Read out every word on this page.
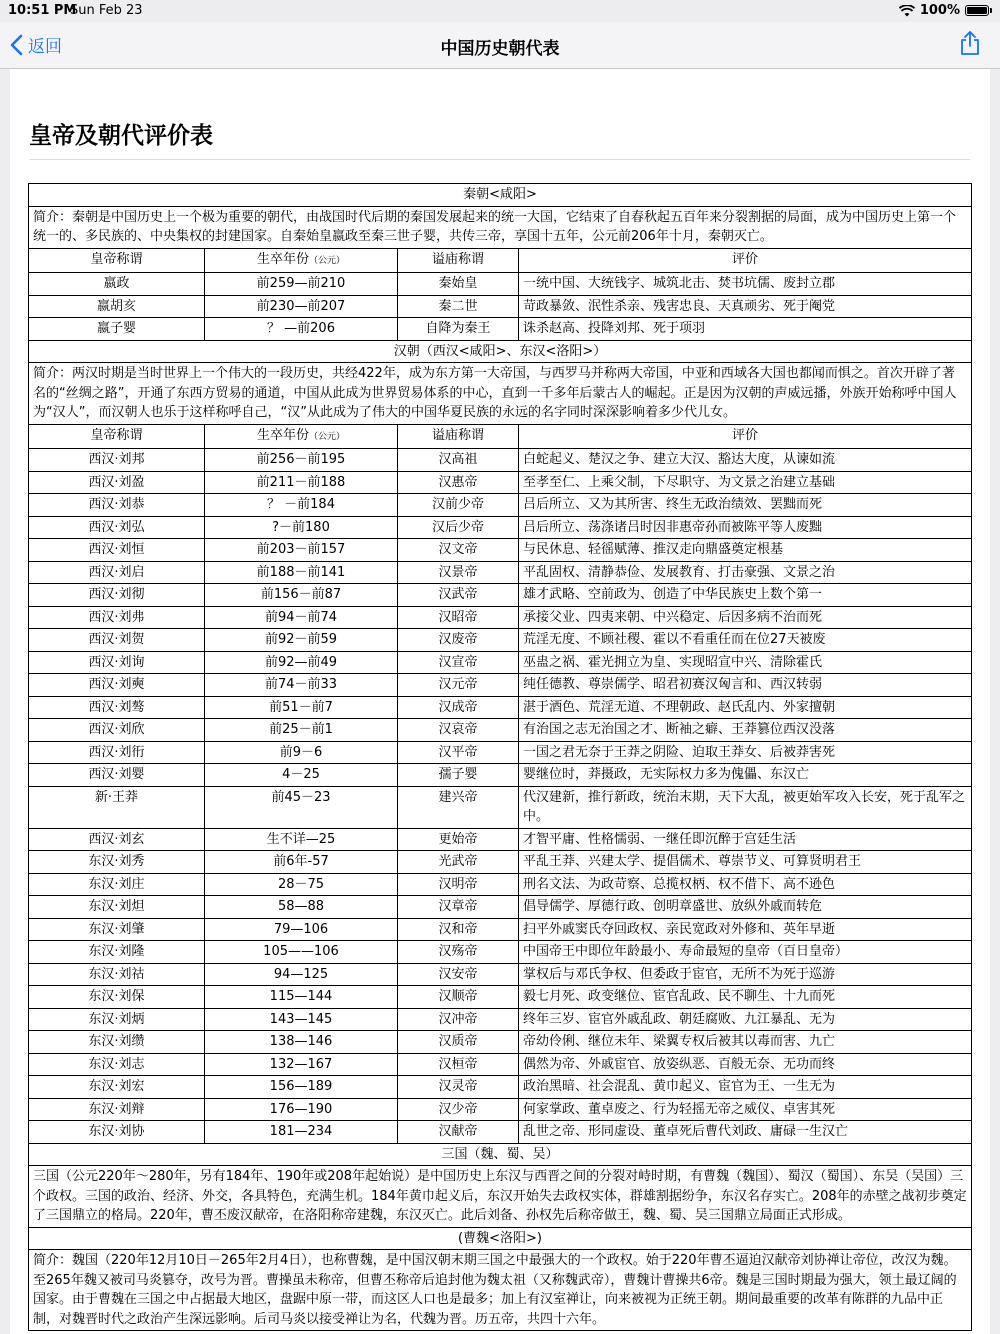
10:51 PM
Sun Feb 23	100%
返回	中国历史朝代表
皇帝及朝代评价表
秦朝<咸阳>			
简介：秦朝是中国历史上一个极为重要的朝代，由战国时代后期的秦国发展起来的统一大国，它结束了自春秋起五百年来分裂割据的局面，成为中国历史上第一个统一的、多民族的、中央集权的封建国家。自秦始皇嬴政至秦三世子婴，共传三帝，享国十五年，公元前206年十月，秦朝灭亡。			
皇帝称谓	生卒年份（公元）	谥庙称谓	评价
嬴政	前259—前210	秦始皇	一统中国、大统钱字、城筑北击、焚书坑儒、废封立郡
嬴胡亥	前230—前207	秦二世	苛政暴敛、泯性杀亲、残害忠良、天真顽劣、死于阉党
嬴子婴	？ —前206	自降为秦王	诛杀赵高、投降刘邦、死于项羽
汉朝（西汉<咸阳>、东汉<洛阳>）			
简介：两汉时期是当时世界上一个伟大的一段历史，共经422年，成为东方第一大帝国，与西罗马并称两大帝国，中亚和西域各大国也都闻而惧之。首次开辟了著名的“丝绸之路”，开通了东西方贸易的通道，中国从此成为世界贸易体系的中心，直到一千多年后蒙古人的崛起。正是因为汉朝的声威远播，外族开始称呼中国人为“汉人”，而汉朝人也乐于这样称呼自己，“汉”从此成为了伟大的中国华夏民族的永远的名字同时深深影响着多少代儿女。			
皇帝称谓	生卒年份（公元）	谥庙称谓	评价
西汉·刘邦	前256－前195	汉高祖	白蛇起义、楚汉之争、建立大汉、豁达大度，从谏如流
西汉·刘盈	前211－前188	汉惠帝	至孝至仁、上乘父制，下尽职守、为文景之治建立基础
西汉·刘恭	？ －前184	汉前少帝	吕后所立、又为其所害、终生无政治绩效、罢黜而死
西汉·刘弘	?－前180	汉后少帝	吕后所立、荡涤诸吕时因非惠帝孙而被陈平等人废黜
西汉·刘恒	前203－前157	汉文帝	与民休息、轻徭赋薄、推汉走向鼎盛奠定根基
西汉·刘启	前188－前141	汉景帝	平乱固权、清静恭俭、发展教育、打击豪强、文景之治
西汉·刘彻	前156－前87	汉武帝	雄才武略、空前政为、创造了中华民族史上数个第一
西汉·刘弗	前94－前74	汉昭帝	承接父业、四夷来朝、中兴稳定、后因多病不治而死
西汉·刘贺	前92－前59	汉废帝	荒淫无度、不顾社稷、霍以不看重任而在位27天被废
西汉·刘询	前92—前49	汉宣帝	巫蛊之祸、霍光拥立为皇、实现昭宣中兴、清除霍氏
西汉·刘奭	前74－前33	汉元帝	纯任德教、尊崇儒学、昭君初赛汉匈言和、西汉转弱
西汉·刘骜	前51－前7	汉成帝	湛于酒色、荒淫无道、不理朝政、赵氏乱内、外家擅朝
西汉·刘欣	前25－前1	汉哀帝	有治国之志无治国之才、断袖之癖、王莽篡位西汉没落
西汉·刘衎	前9－6	汉平帝	一国之君无奈于王莽之阴险、迫取王莽女、后被莽害死
西汉·刘婴	4－25	孺子婴	婴继位时，莽摄政，无实际权力多为傀儡、东汉亡
新·王莽	前45－23	建兴帝	代汉建新，推行新政，统治末期，天下大乱，被更始军攻入长安，死于乱军之中。
西汉·刘玄	生不详—25	更始帝	才智平庸、性格懦弱、一继任即沉醉于宫廷生活
东汉·刘秀	前6年-57	光武帝	平乱王莽、兴建太学、提倡儒术、尊崇节义、可算贤明君王
东汉·刘庄	28－75	汉明帝	刑名文法、为政苛察、总揽权柄、权不借下、高不逊色
东汉·刘炟	58—88	汉章帝	倡导儒学、厚德行政、创明章盛世、放纵外戚而转危
东汉·刘肇	79—106	汉和帝	扫平外戚窦氏夺回政权、亲民宽政对外修和、英年早逝
东汉·刘隆	105——106	汉殇帝	中国帝王中即位年龄最小、寿命最短的皇帝（百日皇帝）
东汉·刘祜	94—125	汉安帝	掌权后与邓氏争权、但委政于宦官，无所不为死于巡游
东汉·刘保	115—144	汉顺帝	毅七月死、政变继位、宦官乱政、民不聊生、十九而死
东汉·刘炳	143—145	汉冲帝	终年三岁、宦官外戚乱政、朝廷腐败、九江暴乱、无为
东汉·刘缵	138—146	汉质帝	帝幼伶俐、继位未年、梁翼专权后被其以毒而害、九亡
东汉·刘志	132—167	汉桓帝	偶然为帝、外戚宦官、放姿纵恶、百般无奈、无功而终
东汉·刘宏	156—189	汉灵帝	政治黑暗、社会混乱、黄巾起义、宦官为王、一生无为
东汉·刘辩	176—190	汉少帝	何家掌政、董卓废之、行为轻摇无帝之威仪、卓害其死
东汉·刘协	181—234	汉献帝	乱世之帝、形同虚设、董卓死后曹代刘政、庸碌一生汉亡
三国（魏、蜀、吴）			
三国（公元220年～280年，另有184年、190年或208年起始说）是中国历史上东汉与西晋之间的分裂对峙时期，有曹魏（魏国）、蜀汉（蜀国）、东吴（吴国）三个政权。三国的政治、经济、外交，各具特色，充满生机。184年黄巾起义后，东汉开始失去政权实体，群雄割据纷争，东汉名存实亡。208年的赤壁之战初步奠定了三国鼎立的格局。220年，曹丕废汉献帝，在洛阳称帝建魏，东汉灭亡。此后刘备、孙权先后称帝做王，魏、蜀、吴三国鼎立局面正式形成。			
(曹魏<洛阳>)			
简介：魏国（220年12月10日－265年2月4日），也称曹魏，是中国汉朝末期三国之中最强大的一个政权。始于220年曹丕逼迫汉献帝刘协禅让帝位，改汉为魏。至265年魏又被司马炎篡夺，改号为晋。曹操虽未称帝，但曹丕称帝后追封他为魏太祖（又称魏武帝），曹魏计曹操共6帝。魏是三国时期最为强大，领土最辽阔的国家。由于曹魏在三国之中占据最大地区，盘踞中原一带，而这区人口也是最多；加上有汉室禅让，向来被视为正统王朝。期间最重要的改革有陈群的九品中正制，对魏晋时代之政治产生深远影响。后司马炎以接受禅让为名，代魏为晋。历五帝，共四十六年。			
